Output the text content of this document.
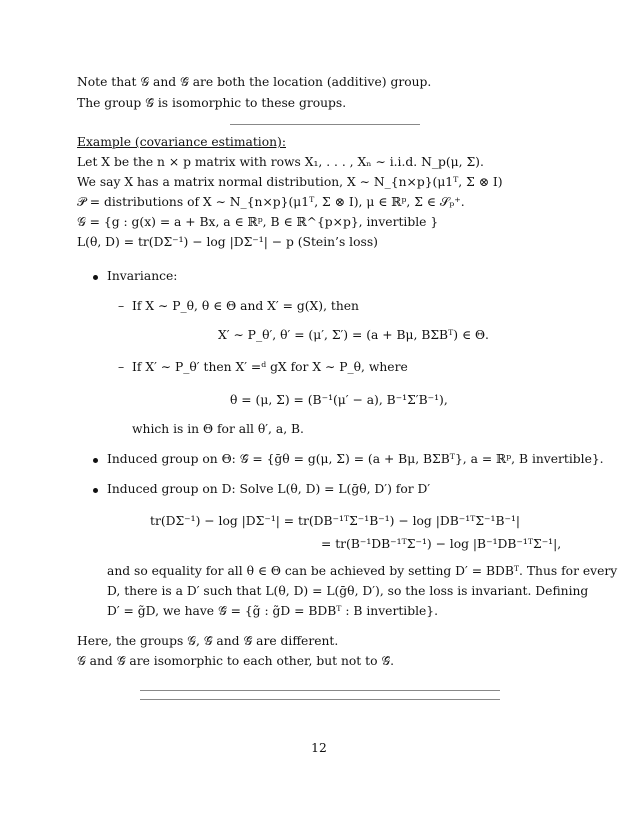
Note that 𝒢 and 𝒢̃ are both the location (additive) group.
The group 𝒢̄ is isomorphic to these groups.
Example (covariance estimation):
Let X be the n × p matrix with rows X₁, . . . , Xₙ ∼ i.i.d. N_p(μ, Σ).
We say X has a matrix normal distribution, X ∼ N_{n×p}(μ1ᵀ, Σ ⊗ I)
𝒫 = distributions of X ∼ N_{n×p}(μ1ᵀ, Σ ⊗ I), μ ∈ ℝᵖ, Σ ∈ 𝒮ₚ⁺.
𝒢 = {g : g(x) = a + Bx, a ∈ ℝᵖ, B ∈ ℝ^{p×p}, invertible }
L(θ, D) = tr(DΣ⁻¹) − log |DΣ⁻¹| − p (Stein’s loss)
Invariance:
– If X ∼ P_θ, θ ∈ Θ and X′ = g(X), then
X′ ∼ P_θ′, θ′ = (μ′, Σ′) = (a + Bμ, BΣBᵀ) ∈ Θ.
– If X′ ∼ P_θ′ then X′ =ᵈ gX for X ∼ P_θ, where
θ = (μ, Σ) = (B⁻¹(μ′ − a), B⁻¹Σ′B⁻¹),
which is in Θ for all θ′, a, B.
Induced group on Θ: 𝒢̄ = {ḡθ = g(μ, Σ) = (a + Bμ, BΣBᵀ}, a = ℝᵖ, B invertible}.
Induced group on D: Solve L(θ, D) = L(ḡθ, D′) for D′
tr(DΣ⁻¹) − log |DΣ⁻¹| = tr(DB⁻¹ᵀΣ⁻¹B⁻¹) − log |DB⁻¹ᵀΣ⁻¹B⁻¹|
= tr(B⁻¹DB⁻¹ᵀΣ⁻¹) − log |B⁻¹DB⁻¹ᵀΣ⁻¹|,
and so equality for all θ ∈ Θ can be achieved by setting D′ = BDBᵀ. Thus for every
D, there is a D′ such that L(θ, D) = L(ḡθ, D′), so the loss is invariant. Defining
D′ = g̃D, we have 𝒢̃ = {g̃ : g̃D = BDBᵀ : B invertible}.
Here, the groups 𝒢, 𝒢̄ and 𝒢̃ are different.
𝒢 and 𝒢̃ are isomorphic to each other, but not to 𝒢̄.
12
